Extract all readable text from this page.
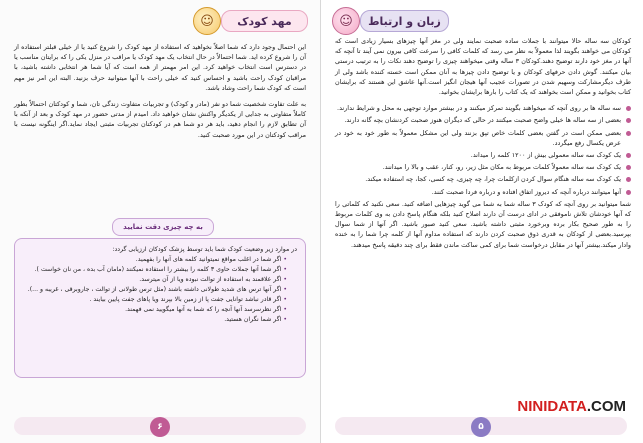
مهد کودک
☺

این احتمال وجود دارد که شما اصلاً نخواهید که استفاده از مهد کودک را شروع کنید یا از خیلی قبلتر استفاده از آن را شروع کرده اید. شما احتمالاً در حال انتخاب یک مهد کودک یا مراقب در منزل یکی را که برایتان مناسب یا در دسترس است انتخاب خواهید کرد. این امر مهمتر از همه است که آیا شما هر انتخابی داشته باشید، با مراقبان کودک راحت باشید و احساس کنید که خیلی راحت با آنها میتوانید حرف بزنید. البته این امر نیز مهم است که کودک شما راحت وشاد باشد.

به علت تفاوت شخصیت شما دو نفر (مادر و کودک) و تجربیات متفاوت زندگی تان، شما و کودکتان احتمالاً بطور کاملاً متفاوتی به جدایی از یکدیگر واکنش نشان خواهید داد. امیدم از مدتی حضور در مهد کودک و بعد از آنکه با آن تطابق لازم را انجام دهید، باید هر دو شما هم در کودکتان تجربیات مثبتی ایجاد نماید.اگر اینگونه نیست با مراقب کودکتان در این مورد صحبت کنید.

به چه چیزی دقت نمایید
در موارد زیر وضعیت کودک شما باید توسط پزشک کودکان ارزیابی گردد:
• اگر شما در اغلب مواقع نمیتوانید کلمه های آنها را بفهمید.
• اگر شما آنها جملات حاوی ۳ کلمه را بیشتر را استفاده نمیکنند (مامان آب بده ، من نان خواست ).
• اگر علاقمند به استفاده از توالت نبوده ویا از آن میترسد.
• اگر آنها ترس های شدید طولانی داشته باشند (مثل ترس طولانی از توالت ، جاروبرقی ، غریبه و ...).
• اگر قادر نباشد توانایی جفت پا از زمین بالا بپرند ویا پاهای جفت پایین بیایند .
• اگر نظرسرسد آنها آنچه را که شما به آنها میگویید نمی فهمند.
• اگر شما نگران هستید.
۶
زبان و ارتباط
☺

کودکان سه ساله حالا میتوانند با جملات ساده صحبت نمایند ولی در مغز آنها چیزهای بسیار زیادی است که کودکان می خواهند بگویند لذا معمولاً به نظر می رسد که کلمات کافی را سرعت کافی بیرون نمی آیند تا آنچه که آنها در مغز خود دارند توضیح دهند.کودکان ۳ ساله وقتی میخواهند چیزی را توضیح دهند نکات را به ترتیب درستی بیان میکنند. گوش دادن حرفهای کودکان و یا توضیح دادن چیزها به آنان ممکن است خسته کننده باشد ولی از طرف دیگرمشارکت وسهیم شدن در تصورات عجیب آنها هیجان انگیز است.آنها عاشق این هستند که برایشان کتاب بخوانید و ممکن است بخواهند که یک کتاب را بارها برایشان بخوانید.

سه ساله ها بر روی آنچه که میخواهند بگویند تمرکز میکنند و در بیشتر موارد توجهی به محل و شرایط ندارند.
بعضی از سه ساله ها خیلی واضح صحبت میکنند در حالی که دیگران هنوز صحبت کردنشان بچه گانه دارند.
بعضی ممکن است در گفتن بعضی کلمات خاص تپق بزنند ولی این مشکل معمولاً به طور خود به خود در عرض یکسال رفع میگردد.
یک کودک سه ساله معمولی بیش از ۱۲۰۰ کلمه را میداند.
یک کودک سه ساله معمولاً کلمات مربوط به مکان مثل زیر، رو، کنار، عقب و بالا را میدانند.
یک کودک سه ساله هنگام سوال کردن ازکلمات چرا، چه چیزی، چه کسی، کجا، چه استفاده میکند.
آنها میتوانند درباره آنچه که دیروز اتفاق افتاده و درباره فردا صحبت کنند.

شما میتوانید بر روی آنچه که کودک ۳ ساله شما به شما می گوید چیزهایی اضافه کنید. سعی نکنید که کلماتی را که آنها خودشان تلاش ناموفقی در ادای درست آن دارند اصلاح کنید بلکه هنگام پاسخ دادن به وی کلمات مربوط را به طور صحیح بکار برده وبرخورد مثبتی داشته باشید. سعی کنید صبور باشید. اگر آنها از شما سوال بپرسید.بعضی از کودکان به قدری ذوق صحبت کردن دارند که استفاده مداوم آنها از کلمه چرا شما را به خنده وادار میکند.بیشتر آنها در مقابل درخواست شما برای کمی ساکت ماندن فقط برای چند دقیقه پاسخ میدهند.

۵
NINIDATA.COM
